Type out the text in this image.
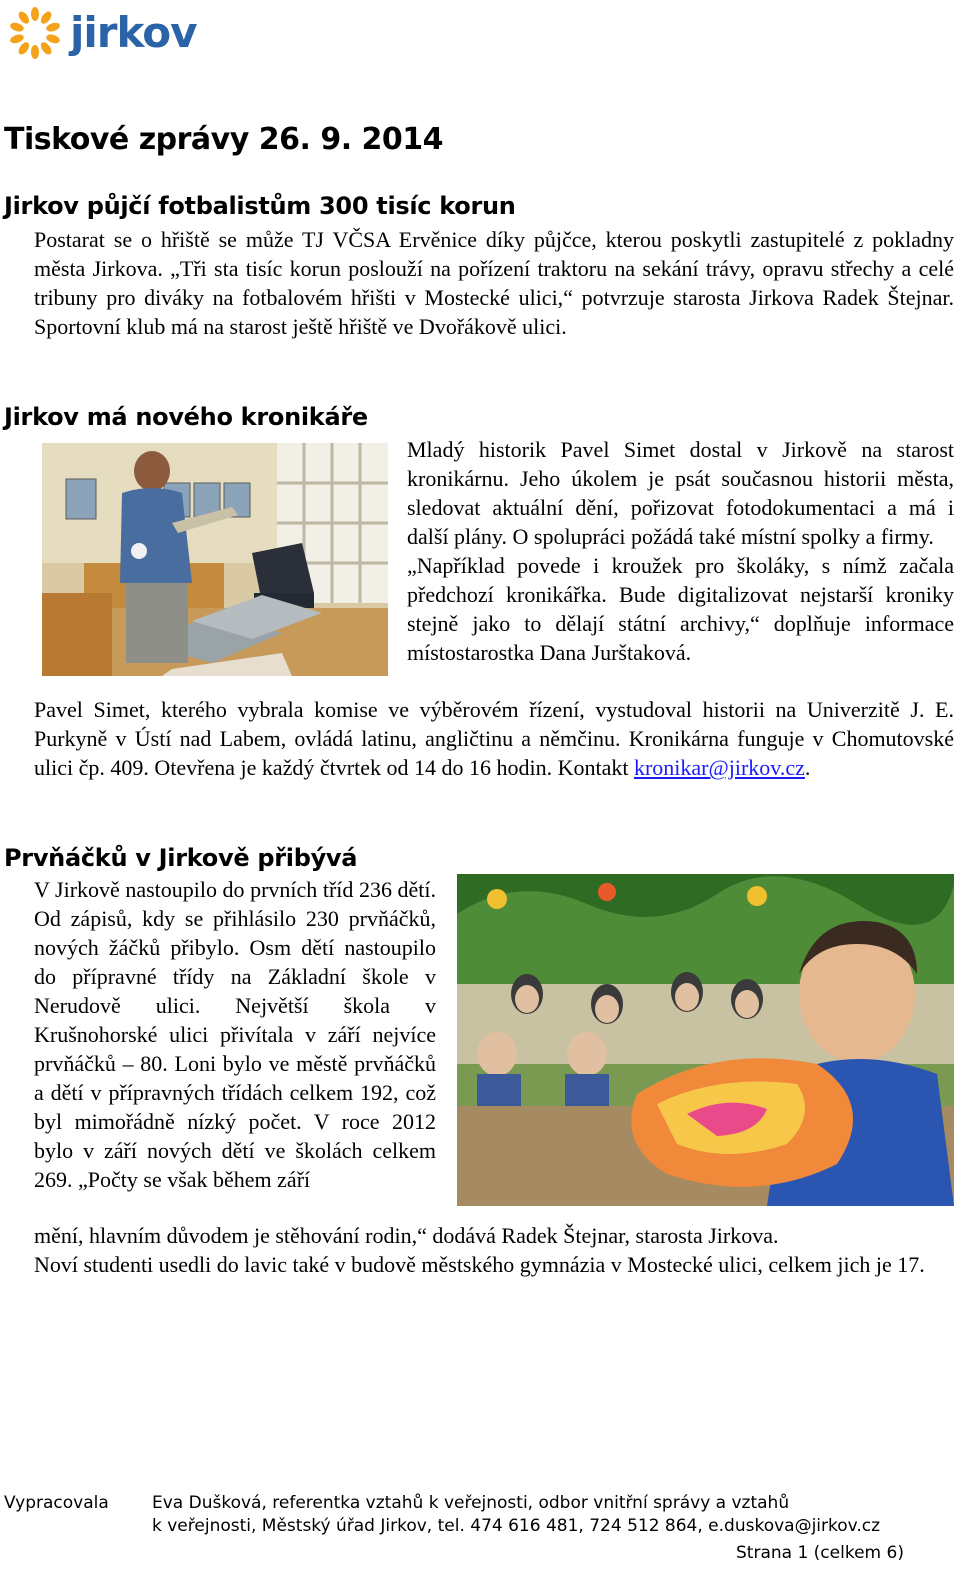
jirkov
Tiskové zprávy 26. 9. 2014
Jirkov půjčí fotbalistům 300 tisíc korun

Postarat se o hřiště se může TJ VČSA Ervěnice díky půjčce, kterou poskytli zastupitelé z pokladny města Jirkova. „Tři sta tisíc korun poslouží na pořízení traktoru na sekání trávy, opravu střechy a celé tribuny pro diváky na fotbalovém hřišti v Mostecké ulici,“ potvrzuje starosta Jirkova Radek Štejnar. Sportovní klub má na starost ještě hřiště ve Dvořákově ulici.

Jirkov má nového kronikáře

Mladý historik Pavel Simet dostal v Jirkově na starost kronikárnu. Jeho úkolem je psát současnou historii města, sledovat aktuální dění, pořizovat fotodokumentaci a má i další plány. O spolupráci požádá také místní spolky a firmy.

„Například povede i kroužek pro školáky, s nímž začala předchozí kronikářka. Bude digitalizovat nejstarší kroniky stejně jako to dělají státní archivy,“ doplňuje informace místostarostka Dana Jurštaková.

Pavel Simet, kterého vybrala komise ve výběrovém řízení, vystudoval historii na Univerzitě J. E. Purkyně v Ústí nad Labem, ovládá latinu, angličtinu a němčinu. Kronikárna funguje v Chomutovské ulici čp. 409. Otevřena je každý čtvrtek od 14 do 16 hodin. Kontakt kronikar@jirkov.cz.

Prvňáčků v Jirkově přibývá

V Jirkově nastoupilo do prvních tříd 236 dětí. Od zápisů, kdy se přihlásilo 230 prvňáčků, nových žáčků přibylo. Osm dětí nastoupilo do přípravné třídy na Základní škole v Nerudově ulici. Největší škola v Krušnohorské ulici přivítala v září nejvíce prvňáčků – 80. Loni bylo ve městě prvňáčků a dětí v přípravných třídách celkem 192, což byl mimořádně nízký počet. V roce 2012 bylo v září nových dětí ve školách celkem 269. „Počty se však během září

mění, hlavním důvodem je stěhování rodin,“ dodává Radek Štejnar, starosta Jirkova.

Noví studenti usedli do lavic také v budově městského gymnázia v Mostecké ulici, celkem jich je 17.

Vypracovala	Eva Dušková, referentka vztahů k veřejnosti, odbor vnitřní správy a vztahů
k veřejnosti, Městský úřad Jirkov, tel. 474 616 481, 724 512 864, e.duskova@jirkov.cz
Strana 1 (celkem 6)
